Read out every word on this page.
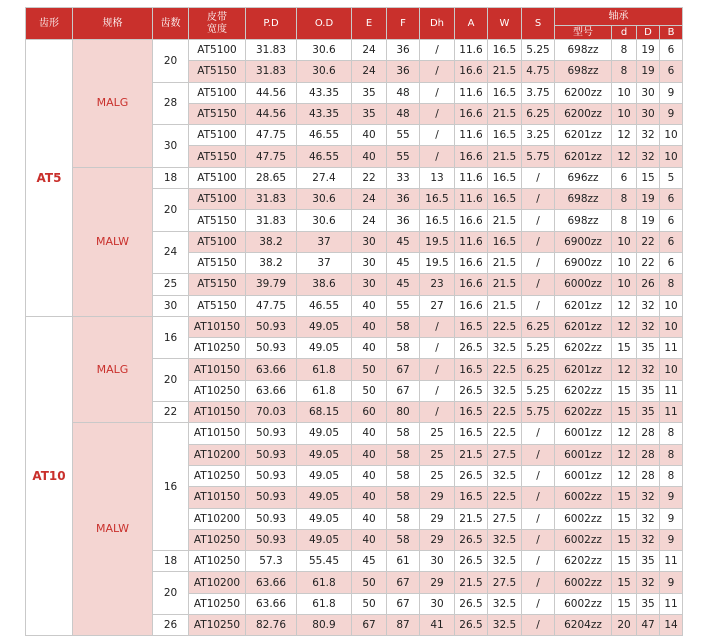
齿形	规格	齿数	皮带
宽度	P.D	O.D	E	F	Dh	A	W	S	轴承			
												型号	d	D	B
AT5	MALG	20	AT5100	31.83	30.6	24	36	/	11.6	16.5	5.25	698zz	8	19	6
			AT5150	31.83	30.6	24	36	/	16.6	21.5	4.75	698zz	8	19	6
		28	AT5100	44.56	43.35	35	48	/	11.6	16.5	3.75	6200zz	10	30	9
			AT5150	44.56	43.35	35	48	/	16.6	21.5	6.25	6200zz	10	30	9
		30	AT5100	47.75	46.55	40	55	/	11.6	16.5	3.25	6201zz	12	32	10
			AT5150	47.75	46.55	40	55	/	16.6	21.5	5.75	6201zz	12	32	10
	MALW	18	AT5100	28.65	27.4	22	33	13	11.6	16.5	/	696zz	6	15	5
		20	AT5100	31.83	30.6	24	36	16.5	11.6	16.5	/	698zz	8	19	6
			AT5150	31.83	30.6	24	36	16.5	16.6	21.5	/	698zz	8	19	6
		24	AT5100	38.2	37	30	45	19.5	11.6	16.5	/	6900zz	10	22	6
			AT5150	38.2	37	30	45	19.5	16.6	21.5	/	6900zz	10	22	6
		25	AT5150	39.79	38.6	30	45	23	16.6	21.5	/	6000zz	10	26	8
		30	AT5150	47.75	46.55	40	55	27	16.6	21.5	/	6201zz	12	32	10
AT10	MALG	16	AT10150	50.93	49.05	40	58	/	16.5	22.5	6.25	6201zz	12	32	10
			AT10250	50.93	49.05	40	58	/	26.5	32.5	5.25	6202zz	15	35	11
		20	AT10150	63.66	61.8	50	67	/	16.5	22.5	6.25	6201zz	12	32	10
			AT10250	63.66	61.8	50	67	/	26.5	32.5	5.25	6202zz	15	35	11
		22	AT10150	70.03	68.15	60	80	/	16.5	22.5	5.75	6202zz	15	35	11
	MALW	16	AT10150	50.93	49.05	40	58	25	16.5	22.5	/	6001zz	12	28	8
			AT10200	50.93	49.05	40	58	25	21.5	27.5	/	6001zz	12	28	8
			AT10250	50.93	49.05	40	58	25	26.5	32.5	/	6001zz	12	28	8
			AT10150	50.93	49.05	40	58	29	16.5	22.5	/	6002zz	15	32	9
			AT10200	50.93	49.05	40	58	29	21.5	27.5	/	6002zz	15	32	9
			AT10250	50.93	49.05	40	58	29	26.5	32.5	/	6002zz	15	32	9
		18	AT10250	57.3	55.45	45	61	30	26.5	32.5	/	6202zz	15	35	11
		20	AT10200	63.66	61.8	50	67	29	21.5	27.5	/	6002zz	15	32	9
			AT10250	63.66	61.8	50	67	30	26.5	32.5	/	6002zz	15	35	11
		26	AT10250	82.76	80.9	67	87	41	26.5	32.5	/	6204zz	20	47	14
